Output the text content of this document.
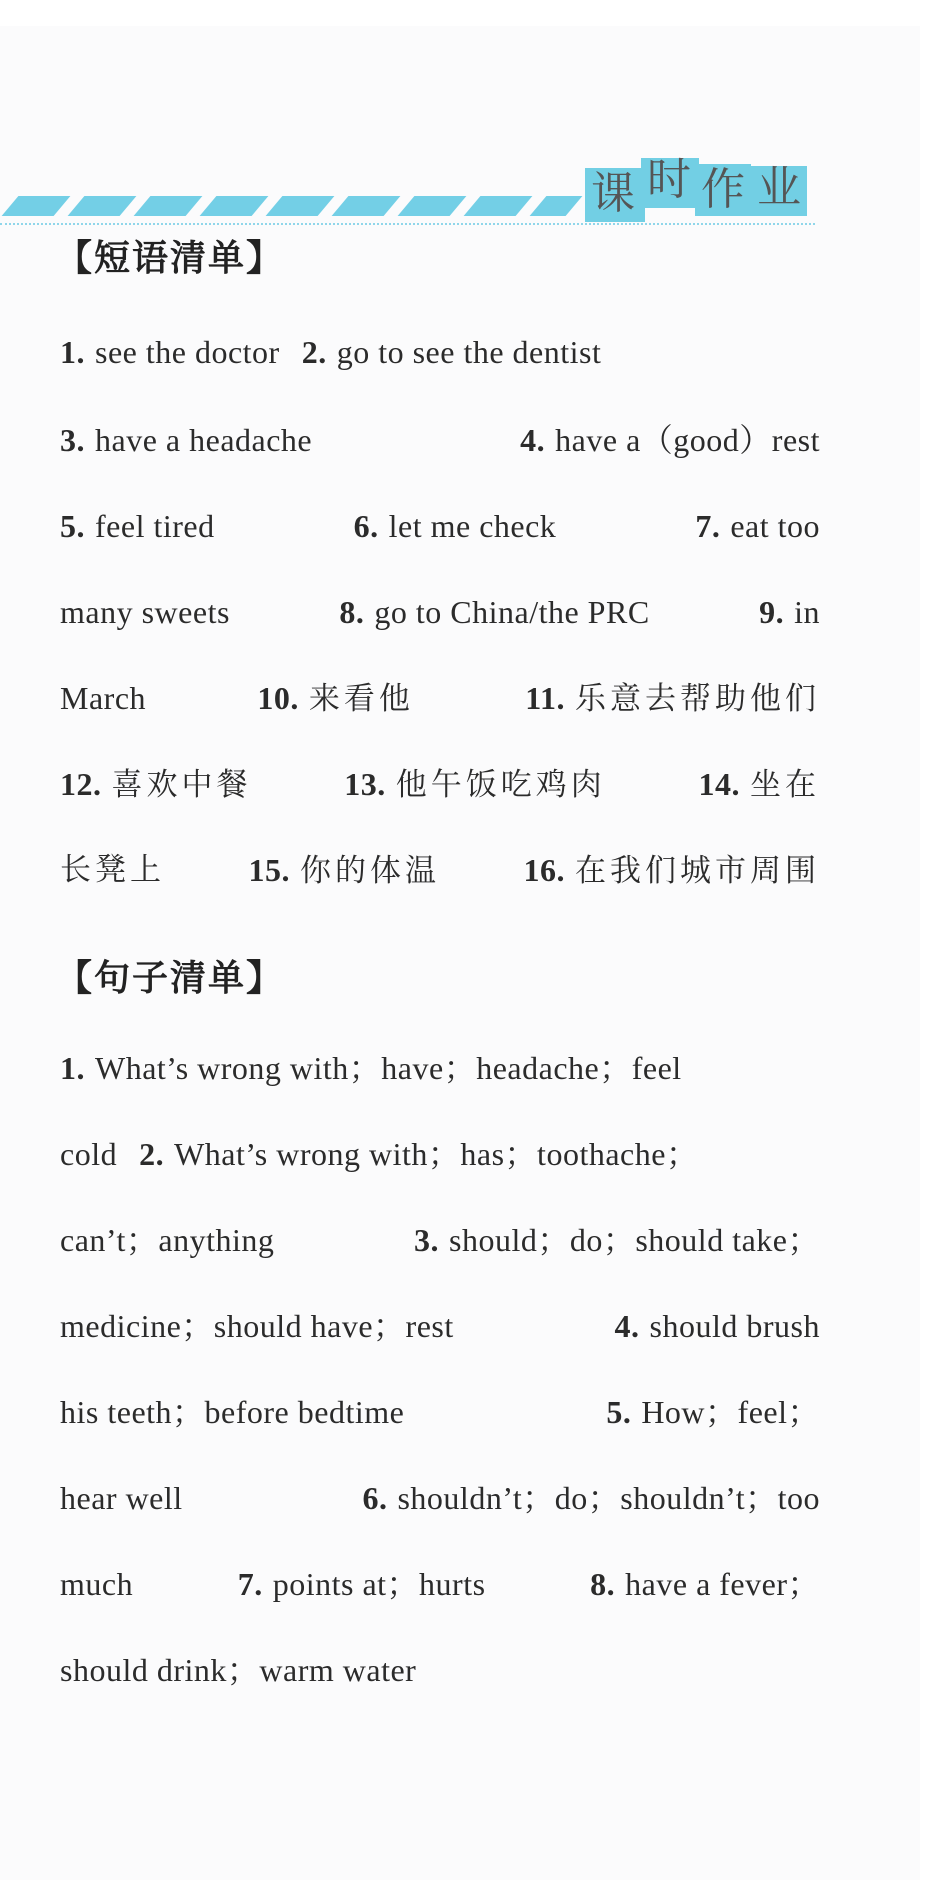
课 时 作 业
【短语清单】
1. see the doctor 2. go to see the dentist
3. have a headache	4. have a（good）rest
5. feel tired	6. let me check	7. eat too
many sweets	8. go to China/the PRC	9. in
March	10. 来看他	11. 乐意去帮助他们
12. 喜欢中餐	13. 他午饭吃鸡肉	14. 坐在
长凳上	15. 你的体温	16. 在我们城市周围
【句子清单】
1. What’s wrong with；have；headache；feel
cold 2. What’s wrong with；has；toothache；
can’t；anything	3. should；do；should take；
medicine；should have；rest	4. should brush
his teeth；before bedtime	5. How；feel；
hear well	6. shouldn’t；do；shouldn’t；too
much	7. points at；hurts	8. have a fever；
should drink；warm water
